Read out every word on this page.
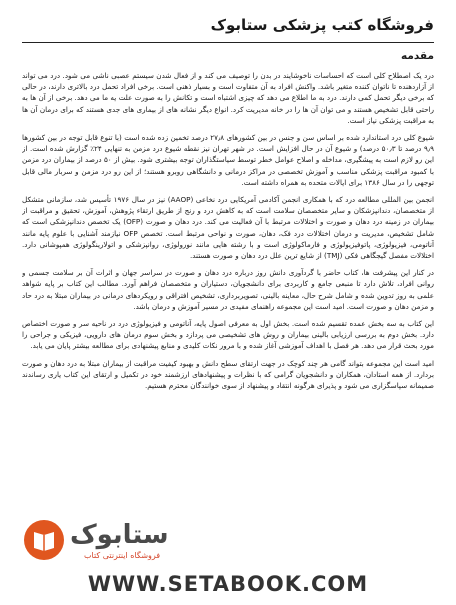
فروشگاه کتب پزشکی ستابوک
مقدمه

درد یک اصطلاح کلی است که احساسات ناخوشایند در بدن را توصیف می کند و از فعال شدن سیستم عصبی ناشی می شود. درد می تواند از آزاردهنده تا ناتوان کننده متغیر باشد. واکنش افراد به آن متفاوت است و بسیار ذهنی است. برخی افراد تحمل درد بالاتری دارند، در حالی که برخی دیگر تحمل کمی دارند. درد به ما اطلاع می دهد که چیزی اشتباه است و تکانش را به صورت علت یه ما می دهد. برخی از آن ها به راحتی قابل تشخیص هستند و می توان آن ها را در خانه مدیریت کرد. انواع دیگر نشانه های از بیماری های جدی هستند که برای درمان آن ها به مراقبت پزشکی نیاز است.

شیوع کلی درد استاندارد شده بر اساس سن و جنس در بین کشورهای ۲۷٫۸ درصد تخمین زده شده است (با تنوع قابل توجه در بین کشورها ۹٫۹ درصد تا ۵۰٫۳ درصد) و شیوع آن در حال افزایش است. در شهر تهران نیز نقطه شیوع درد مزمن به تنهایی ۲۴٪ گزارش شده است. از این رو لازم است به پیشگیری، مداخله و اصلاح عوامل خطر توسط سیاستگذاران توجه بیشتری شود. بیش از ۵۰ درصد از بیماران درد مزمن با کمبود مراقبت پزشکی مناسب و آموزش تخصصی در مراکز درمانی و دانشگاهی روبرو هستند؛ از این رو درد مزمن و سربار مالی قابل توجهی را در سال ۱۳۸۶ برای ایالات متحده به همراه داشته است.

انجمن بین المللی مطالعه درد که با همکاری انجمن آکادمی آمریکایی درد نخاعی (AAOP) نیز در سال ۱۹۷۶ تأسیس شد، سازمانی متشکل از متخصصان، دندانپزشکان و سایر متخصصان سلامت است که به کاهش درد و رنج از طریق ارتقاء پژوهش، آموزش، تحقیق و مراقبت از بیماران در زمینه درد دهان و صورت و اختلالات مرتبط با آن فعالیت می کند. درد دهان و صورت (OFP) یک تخصص دندانپزشکی است که شامل تشخیص، مدیریت و درمان اختلالات درد فک، دهان، صورت و نواحی مرتبط است. تخصص OFP نیازمند آشنایی با علوم پایه مانند آناتومی، فیزیولوژی، پاتوفیزیولوژی و فارماکولوژی است و با رشته هایی مانند نورولوژی، روانپزشکی و اتولارینگولوژی همپوشانی دارد. اختلالات مفصل گیجگاهی فکی (TMJ) از شایع ترین علل درد دهان و صورت هستند.

در کنار این پیشرفت ها، کتاب حاضر با گردآوری دانش روز درباره درد دهان و صورت در سراسر جهان و اثرات آن بر سلامت جسمی و روانی افراد، تلاش دارد تا منبعی جامع و کاربردی برای دانشجویان، دستیاران و متخصصان فراهم آورد. مطالب این کتاب بر پایه شواهد علمی به روز تدوین شده و شامل شرح حال، معاینه بالینی، تصویربرداری، تشخیص افتراقی و رویکردهای درمانی در بیماران مبتلا به درد حاد و مزمن دهان و صورت است. امید است این مجموعه راهنمای مفیدی در مسیر آموزش و درمان باشد.

این کتاب به سه بخش عمده تقسیم شده است. بخش اول به معرفی اصول پایه، آناتومی و فیزیولوژی درد در ناحیه سر و صورت اختصاص دارد. بخش دوم به بررسی ارزیابی بالینی بیماران و روش های تشخیصی می پردازد و بخش سوم درمان های دارویی، فیزیکی و جراحی را مورد بحث قرار می دهد. هر فصل با اهداف آموزشی آغاز شده و با مرور نکات کلیدی و منابع پیشنهادی برای مطالعه بیشتر پایان می یابد.

امید است این مجموعه بتواند گامی هر چند کوچک در جهت ارتقای سطح دانش و بهبود کیفیت مراقبت از بیماران مبتلا به درد دهان و صورت بردارد. از همه استادان، همکاران و دانشجویان گرامی که با نظرات و پیشنهادهای ارزشمند خود در تکمیل و ارتقای این کتاب یاری رساندند صمیمانه سپاسگزاری می شود و پذیرای هرگونه انتقاد و پیشنهاد از سوی خوانندگان محترم هستیم.

ستابوک
فروشگاه اینترنتی کتاب
WWW.SETABOOK.COM
